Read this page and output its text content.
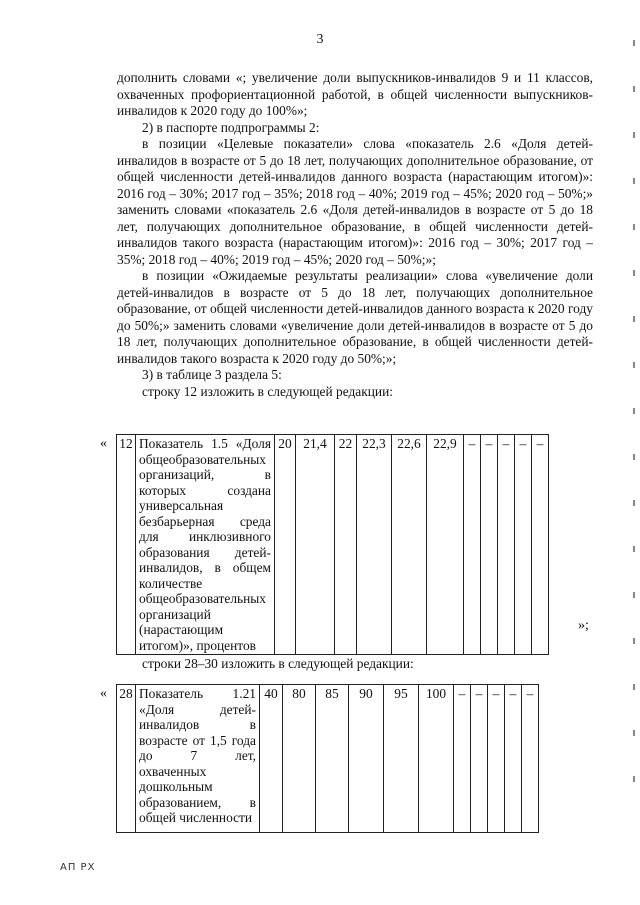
3

дополнить словами «; увеличение доли выпускников-инвалидов 9 и 11 классов, охваченных профориентационной работой, в общей численности выпускников-инвалидов к 2020 году до 100%»;

2) в паспорте подпрограммы 2:

в позиции «Целевые показатели» слова «показатель 2.6 «Доля детей-инвалидов в возрасте от 5 до 18 лет, получающих дополнительное образование, от общей численности детей-инвалидов данного возраста (нарастающим итогом)»: 2016 год – 30%; 2017 год – 35%; 2018 год – 40%; 2019 год – 45%; 2020 год – 50%;» заменить словами «показатель 2.6 «Доля детей-инвалидов в возрасте от 5 до 18 лет, получающих дополнительное образование, в общей численности детей-инвалидов такого возраста (нарастающим итогом)»: 2016 год – 30%; 2017 год – 35%; 2018 год – 40%; 2019 год – 45%; 2020 год – 50%;»;

в позиции «Ожидаемые результаты реализации» слова «увеличение доли детей-инвалидов в возрасте от 5 до 18 лет, получающих дополнительное образование, от общей численности детей-инвалидов данного возраста к 2020 году до 50%;» заменить словами «увеличение доли детей-инвалидов в возрасте от 5 до 18 лет, получающих дополнительное образование, в общей численности детей-инвалидов такого возраста к 2020 году до 50%;»;

3) в таблице 3 раздела 5:

строку 12 изложить в следующей редакции:

« 12	Показатель 1.5 «Доля общеобразовательных организаций, в которых создана универсальная безбарьерная среда для инклюзивного образования детей-инвалидов, в общем количестве общеобразовательных организаций (нарастающим итогом)», процентов	20	21,4	22	22,3	22,6	22,9	–	–	–	–	–
»;
строки 28–30 изложить в следующей редакции:
« 28	Показатель 1.21 «Доля детей-инвалидов в возрасте от 1,5 года до 7 лет, охваченных дошкольным образованием, в общей численности	40	80	85	90	95	100	–	–	–	–	–
АП РХ
